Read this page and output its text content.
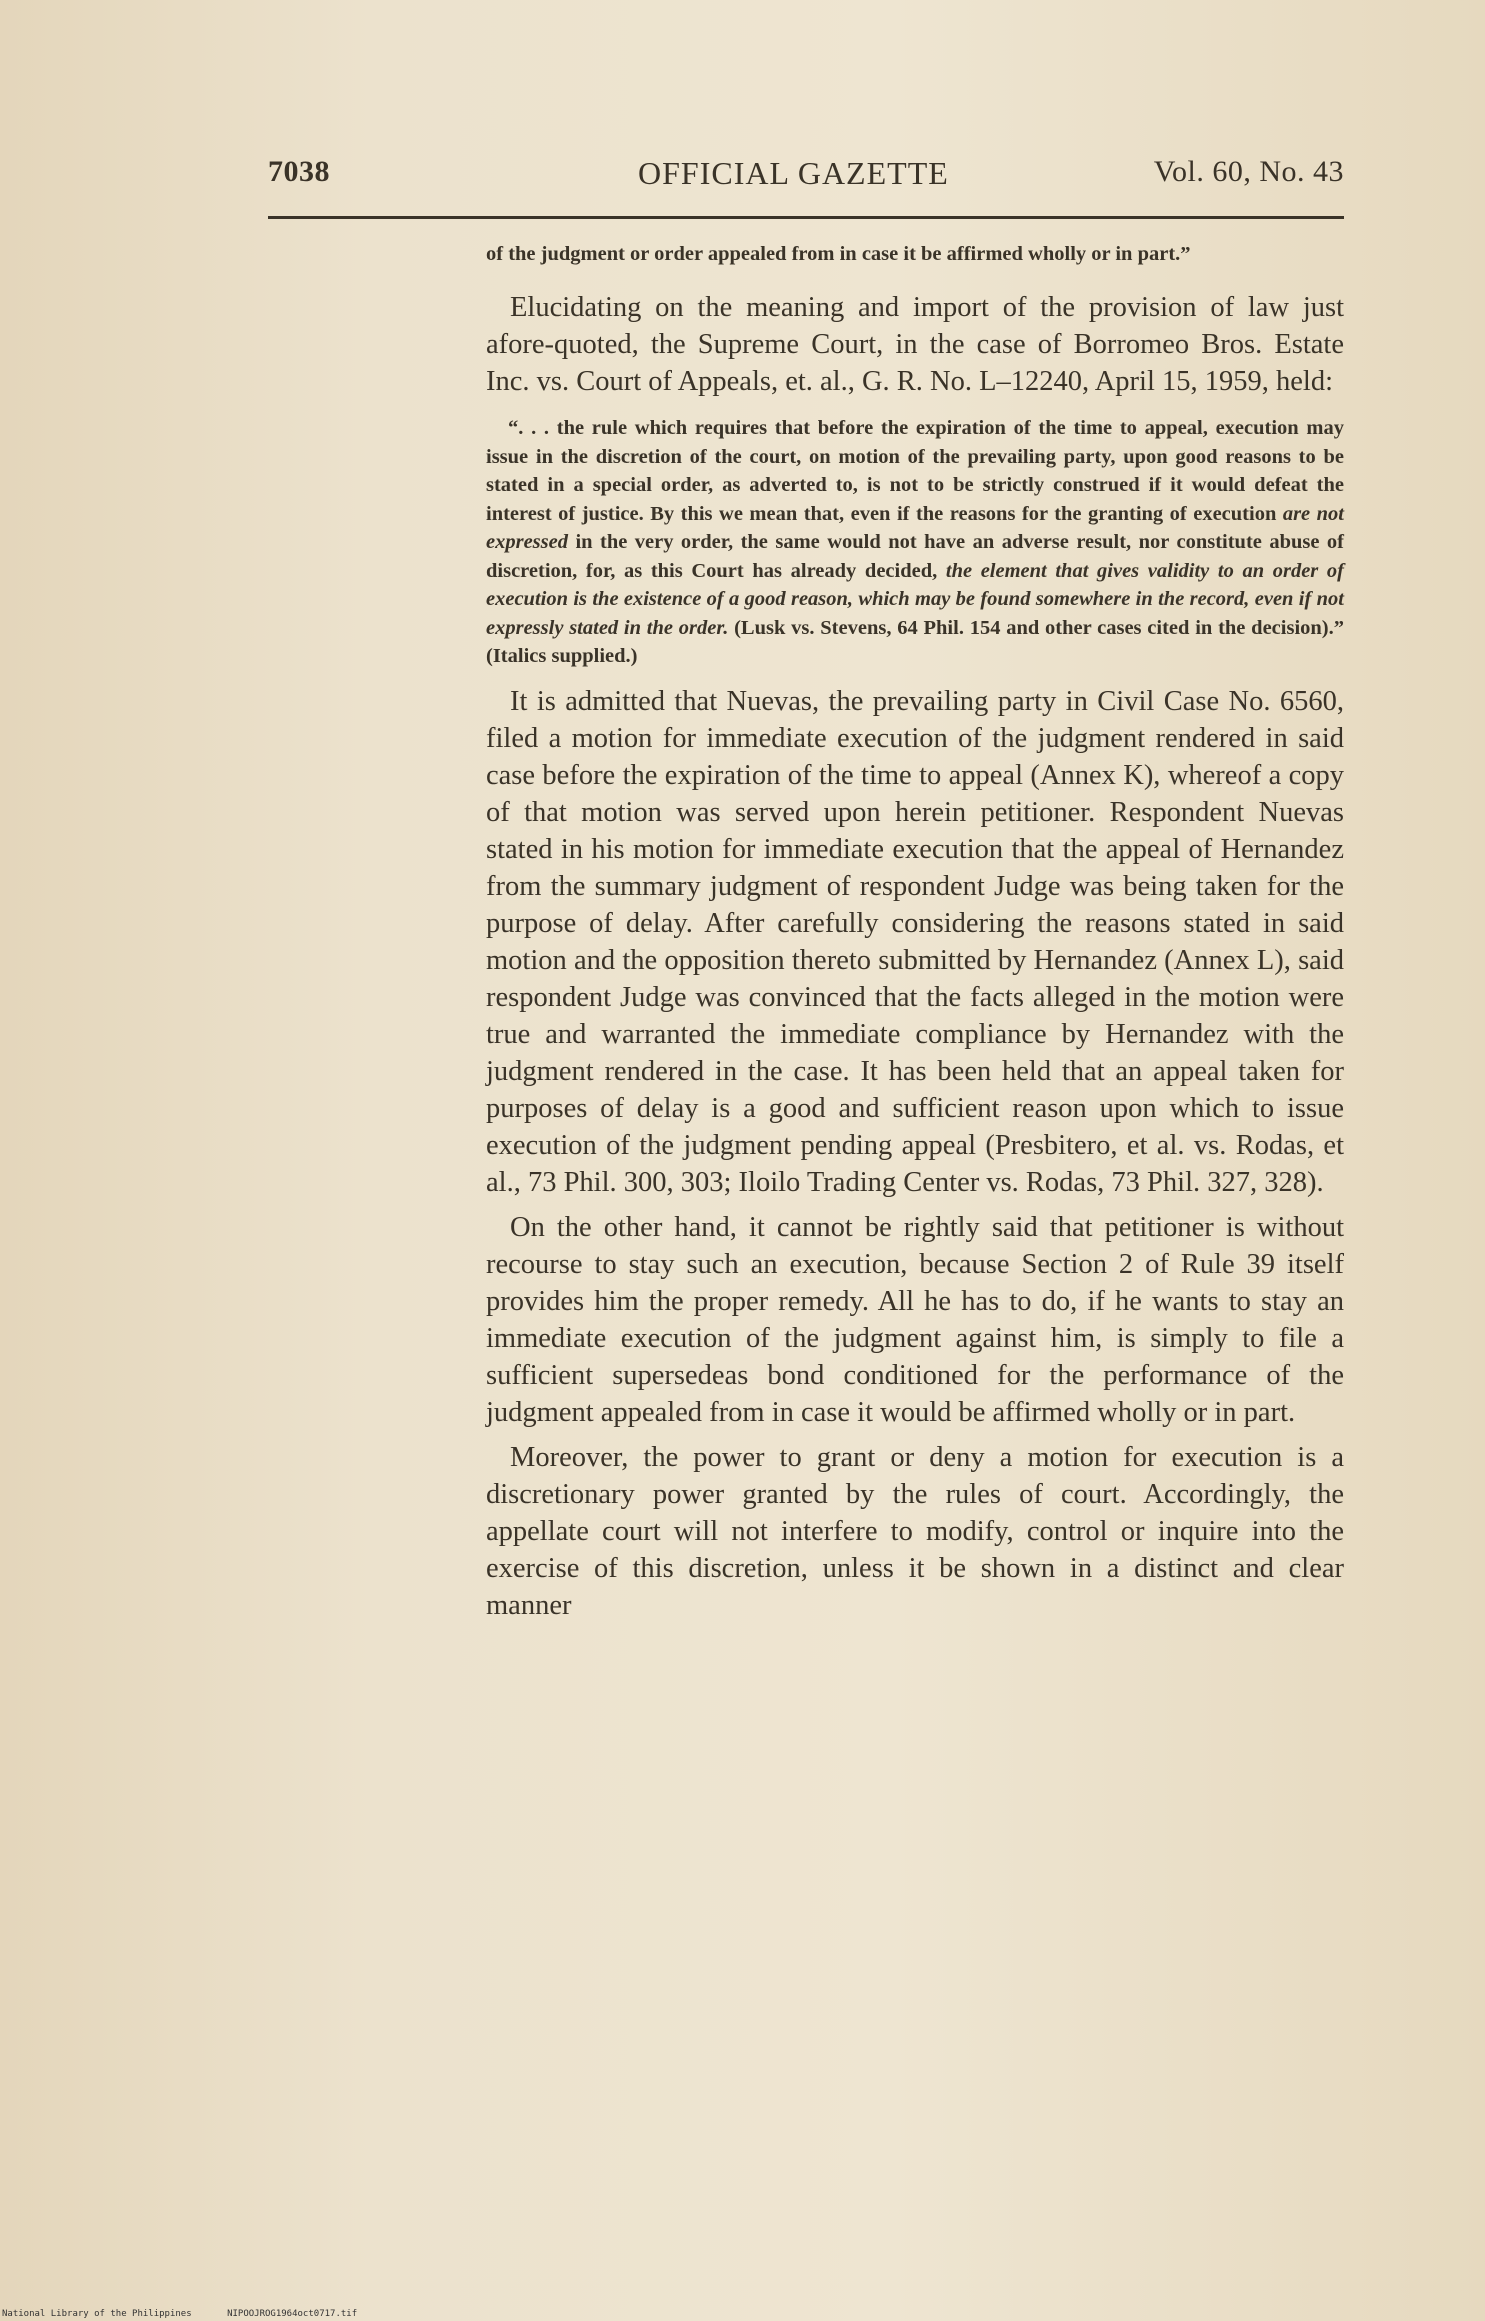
7038	OFFICIAL GAZETTE	Vol. 60, No. 43

of the judgment or order appealed from in case it be affirmed wholly or in part.”

Elucidating on the meaning and import of the provision of law just afore-quoted, the Supreme Court, in the case of Borromeo Bros. Estate Inc. vs. Court of Appeals, et. al., G. R. No. L–12240, April 15, 1959, held:

“. . . the rule which requires that before the expiration of the time to appeal, execution may issue in the discretion of the court, on motion of the prevailing party, upon good reasons to be stated in a special order, as adverted to, is not to be strictly construed if it would defeat the interest of justice. By this we mean that, even if the reasons for the granting of execution are not expressed in the very order, the same would not have an adverse result, nor constitute abuse of discretion, for, as this Court has already decided, the element that gives validity to an order of execution is the existence of a good reason, which may be found somewhere in the record, even if not expressly stated in the order. (Lusk vs. Stevens, 64 Phil. 154 and other cases cited in the decision).” (Italics supplied.)

It is admitted that Nuevas, the prevailing party in Civil Case No. 6560, filed a motion for immediate execution of the judgment rendered in said case before the expiration of the time to appeal (Annex K), whereof a copy of that motion was served upon herein petitioner. Respondent Nuevas stated in his motion for immediate execution that the appeal of Hernandez from the summary judgment of respondent Judge was being taken for the purpose of delay. After carefully considering the reasons stated in said motion and the opposition thereto submitted by Hernandez (Annex L), said respondent Judge was convinced that the facts alleged in the motion were true and warranted the immediate compliance by Hernandez with the judgment rendered in the case. It has been held that an appeal taken for purposes of delay is a good and sufficient reason upon which to issue execution of the judgment pending appeal (Presbitero, et al. vs. Rodas, et al., 73 Phil. 300, 303; Iloilo Trading Center vs. Rodas, 73 Phil. 327, 328).

On the other hand, it cannot be rightly said that petitioner is without recourse to stay such an execution, because Section 2 of Rule 39 itself provides him the proper remedy. All he has to do, if he wants to stay an immediate execution of the judgment against him, is simply to file a sufficient supersedeas bond conditioned for the performance of the judgment appealed from in case it would be affirmed wholly or in part.

Moreover, the power to grant or deny a motion for execution is a discretionary power granted by the rules of court. Accordingly, the appellate court will not interfere to modify, control or inquire into the exercise of this discretion, unless it be shown in a distinct and clear manner

National Library of the Philippines	NIPOOJROG1964oct0717.tif
